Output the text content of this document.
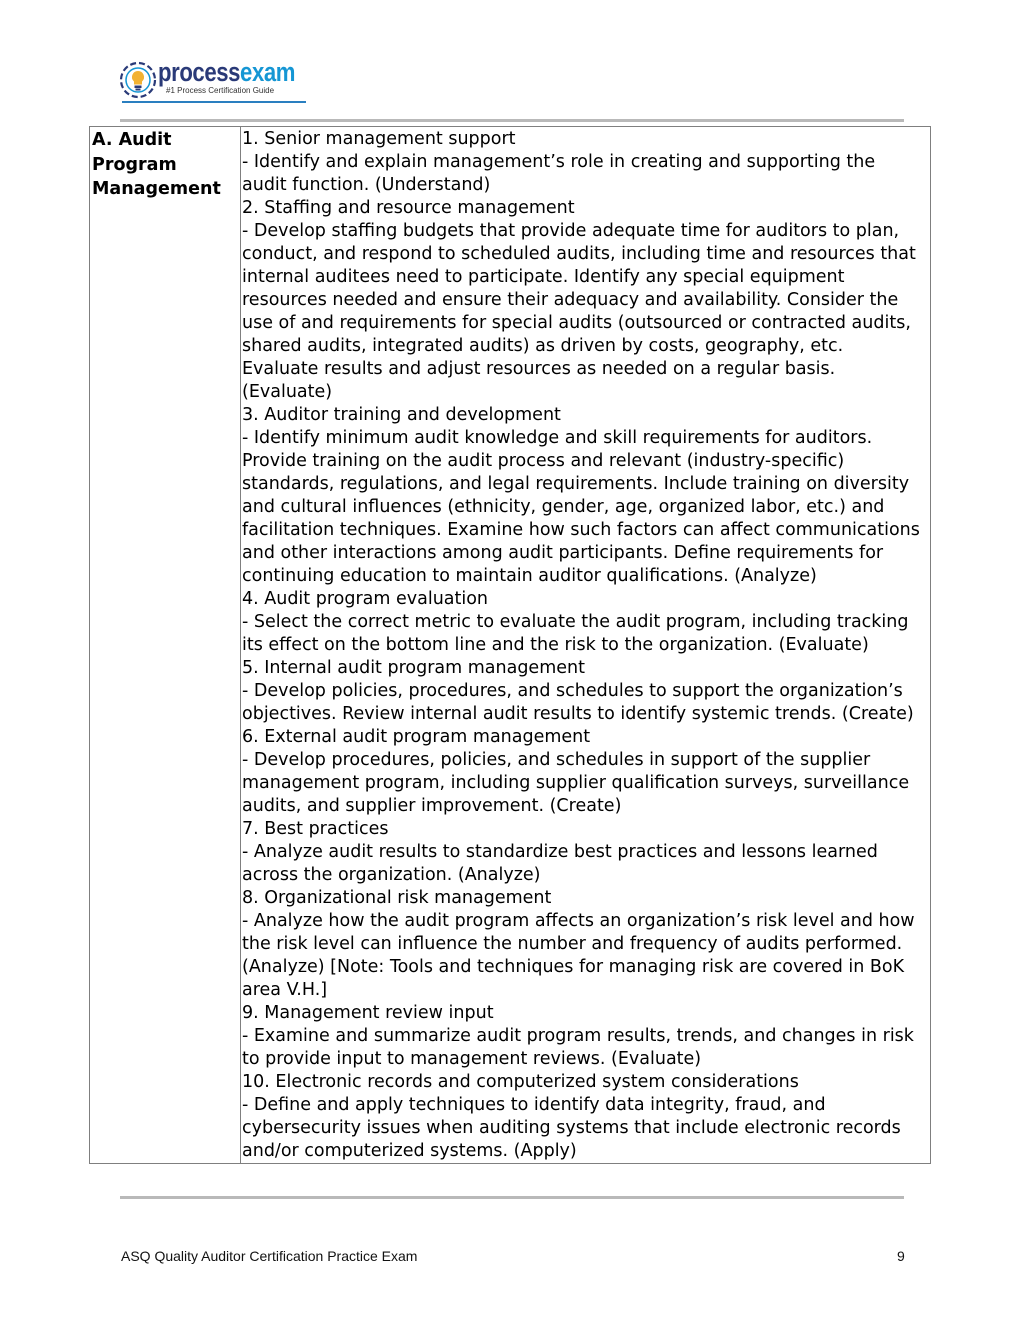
processexam
#1 Process Certification Guide
A. Audit Program Management

1. Senior management support
- Identify and explain management’s role in creating and supporting the
audit function. (Understand)
2. Staffing and resource management
- Develop staffing budgets that provide adequate time for auditors to plan,
conduct, and respond to scheduled audits, including time and resources that
internal auditees need to participate. Identify any special equipment
resources needed and ensure their adequacy and availability. Consider the
use of and requirements for special audits (outsourced or contracted audits,
shared audits, integrated audits) as driven by costs, geography, etc.
Evaluate results and adjust resources as needed on a regular basis.
(Evaluate)
3. Auditor training and development
- Identify minimum audit knowledge and skill requirements for auditors.
Provide training on the audit process and relevant (industry-specific)
standards, regulations, and legal requirements. Include training on diversity
and cultural influences (ethnicity, gender, age, organized labor, etc.) and
facilitation techniques. Examine how such factors can affect communications
and other interactions among audit participants. Define requirements for
continuing education to maintain auditor qualifications. (Analyze)
4. Audit program evaluation
- Select the correct metric to evaluate the audit program, including tracking
its effect on the bottom line and the risk to the organization. (Evaluate)
5. Internal audit program management
- Develop policies, procedures, and schedules to support the organization’s
objectives. Review internal audit results to identify systemic trends. (Create)
6. External audit program management
- Develop procedures, policies, and schedules in support of the supplier
management program, including supplier qualification surveys, surveillance
audits, and supplier improvement. (Create)
7. Best practices
- Analyze audit results to standardize best practices and lessons learned
across the organization. (Analyze)
8. Organizational risk management
- Analyze how the audit program affects an organization’s risk level and how
the risk level can influence the number and frequency of audits performed.
(Analyze) [Note: Tools and techniques for managing risk are covered in BoK
area V.H.]
9. Management review input
- Examine and summarize audit program results, trends, and changes in risk
to provide input to management reviews. (Evaluate)
10. Electronic records and computerized system considerations
- Define and apply techniques to identify data integrity, fraud, and
cybersecurity issues when auditing systems that include electronic records
and/or computerized systems. (Apply)
ASQ Quality Auditor Certification Practice Exam	9
